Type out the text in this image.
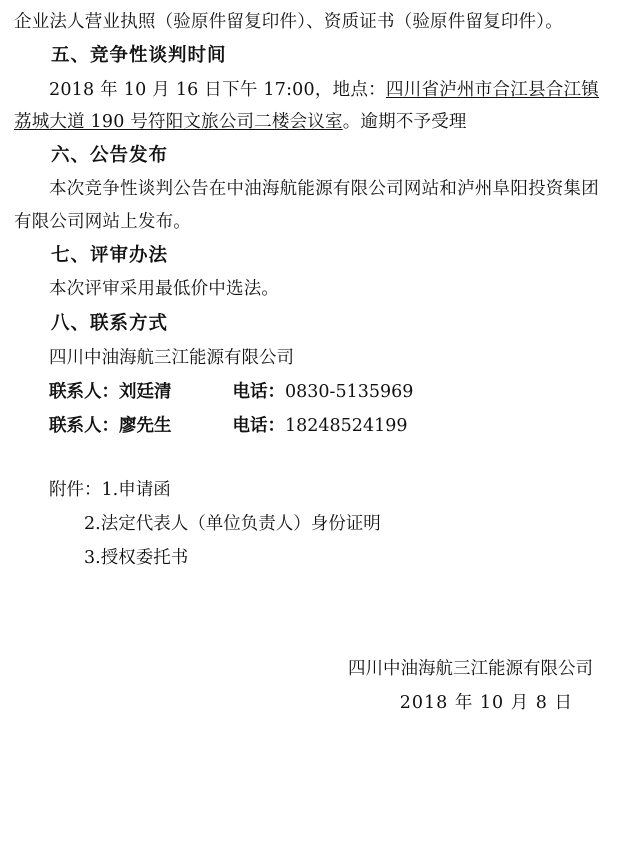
企业法人营业执照（验原件留复印件）、资质证书（验原件留复印件）。

五、竞争性谈判时间

2018 年 10 月 16 日下午 17:00，地点：四川省泸州市合江县合江镇荔城大道 190 号符阳文旅公司二楼会议室。逾期不予受理

六、公告发布

本次竞争性谈判公告在中油海航能源有限公司网站和泸州阜阳投资集团有限公司网站上发布。

七、评审办法

本次评审采用最低价中选法。

八、联系方式

四川中油海航三江能源有限公司

联系人：刘廷清	电话：0830-5135969

联系人：廖先生	电话：18248524199

附件：1.申请函

2.法定代表人（单位负责人）身份证明

3.授权委托书

四川中油海航三江能源有限公司

2018 年 10 月 8 日
